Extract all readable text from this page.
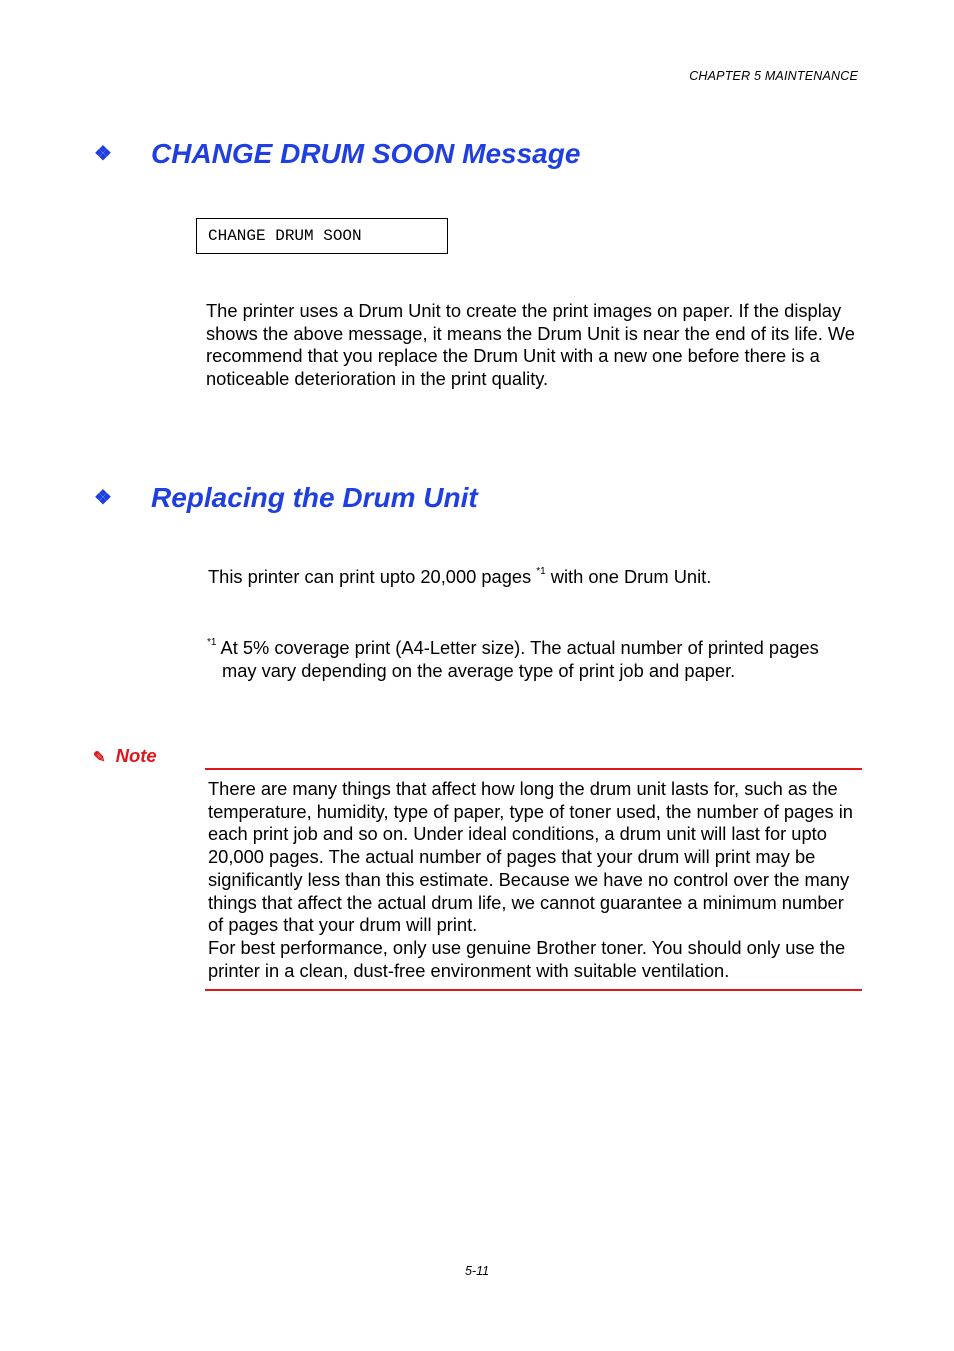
CHAPTER 5 MAINTENANCE
❖ CHANGE DRUM SOON Message
CHANGE DRUM SOON
The printer uses a Drum Unit to create the print images on paper. If the display shows the above message, it means the Drum Unit is near the end of its life. We recommend that you replace the Drum Unit with a new one before there is a noticeable deterioration in the print quality.
❖ Replacing the Drum Unit
This printer can print upto 20,000 pages $^{*1}$ with one Drum Unit.
$^{*1}$ At 5% coverage print (A4-Letter size). The actual number of printed pages
may vary depending on the average type of print job and paper.
✎ Note
There are many things that affect how long the drum unit lasts for, such as the temperature, humidity, type of paper, type of toner used, the number of pages in each print job and so on. Under ideal conditions, a drum unit will last for upto 20,000 pages. The actual number of pages that your drum will print may be significantly less than this estimate. Because we have no control over the many things that affect the actual drum life, we cannot guarantee a minimum number of pages that your drum will print.
For best performance, only use genuine Brother toner. You should only use the printer in a clean, dust-free environment with suitable ventilation.
5-11
